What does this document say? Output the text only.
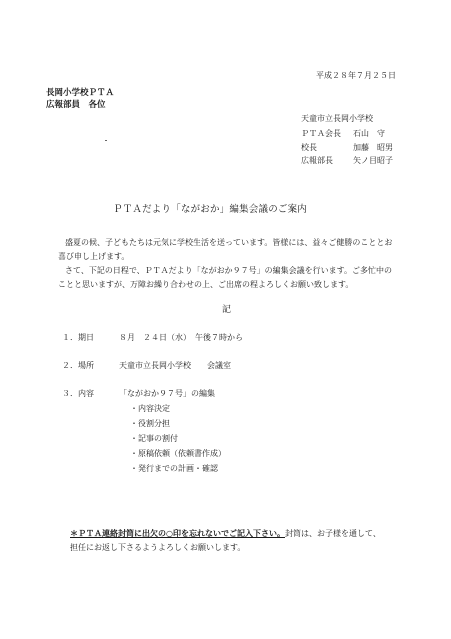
平成２８年７月２５日
長岡小学校ＰＴＡ
広報部員　各位
天童市立長岡小学校
ＰＴＡ会長 石山　守
校長	加藤　昭男
広報部長	矢ノ目昭子
ＰＴＡだより「ながおか」編集会議のご案内
盛夏の候、子どもたちは元気に学校生活を送っています。皆様には、益々ご健勝のこととお
喜び申し上げます。
さて、下記の日程で、ＰＴＡだより「ながおか９７号」の編集会議を行います。ご多忙中の
ことと思いますが、万障お繰り合わせの上、ご出席の程よろしくお願い致します。
記
１．期日	８月　２４日（水）　午後７時から
２．場所	天童市立長岡小学校　　会議室
３．内容	「ながおか９７号」の編集
・内容決定
・役割分担
・記事の割付
・原稿依頼（依頼書作成）
・発行までの計画・確認
＊ＰＴＡ連絡封筒に出欠の○印を忘れないでご記入下さい。封筒は、お子様を通して、
担任にお返し下さるようよろしくお願いします。
